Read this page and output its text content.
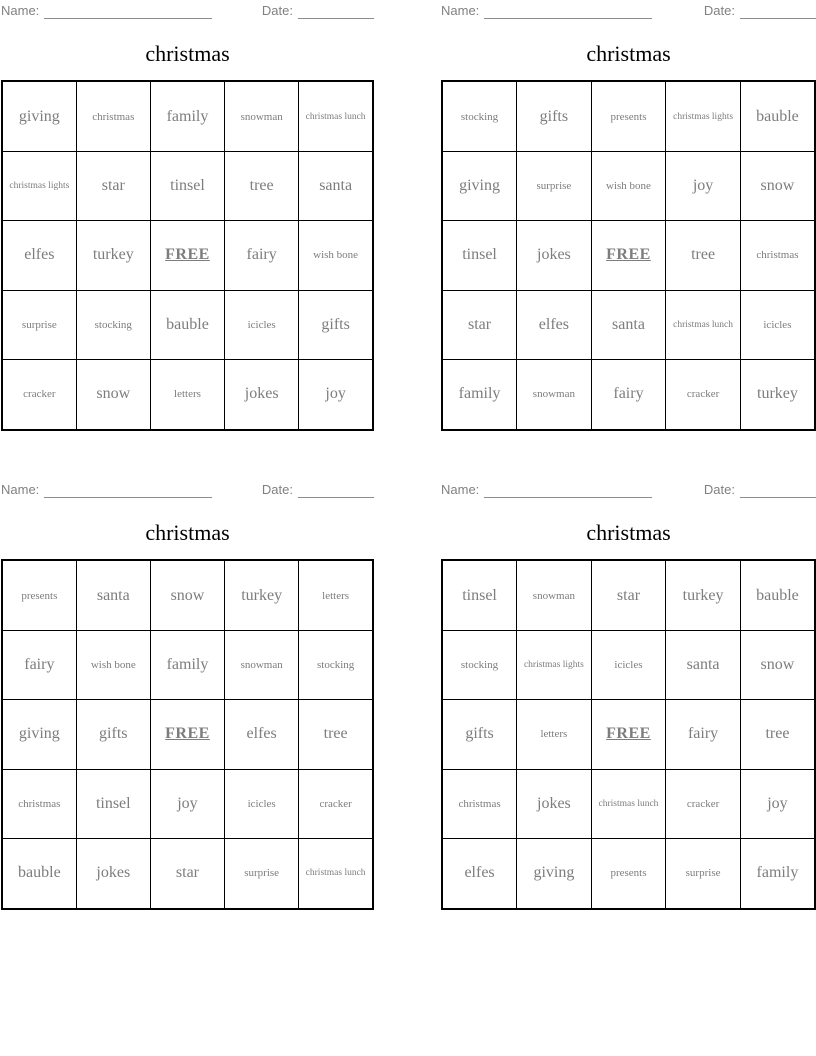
Name:	Date:
christmas
giving	christmas	family	snowman	christmas lunch
christmas lights	star	tinsel	tree	santa
elfes	turkey	FREE	fairy	wish bone
surprise	stocking	bauble	icicles	gifts
cracker	snow	letters	jokes	joy
Name:	Date:
christmas
stocking	gifts	presents	christmas lights	bauble
giving	surprise	wish bone	joy	snow
tinsel	jokes	FREE	tree	christmas
star	elfes	santa	christmas lunch	icicles
family	snowman	fairy	cracker	turkey
Name:	Date:
christmas
presents	santa	snow	turkey	letters
fairy	wish bone	family	snowman	stocking
giving	gifts	FREE	elfes	tree
christmas	tinsel	joy	icicles	cracker
bauble	jokes	star	surprise	christmas lunch
Name:	Date:
christmas
tinsel	snowman	star	turkey	bauble
stocking	christmas lights	icicles	santa	snow
gifts	letters	FREE	fairy	tree
christmas	jokes	christmas lunch	cracker	joy
elfes	giving	presents	surprise	family
